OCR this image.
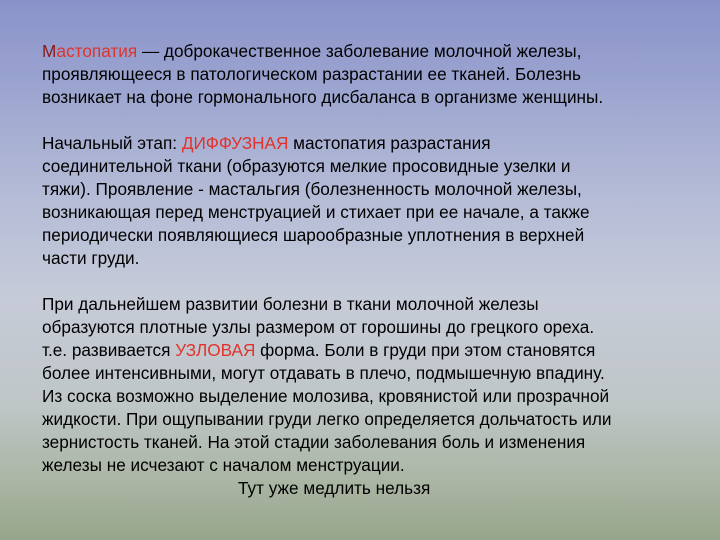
Мастопатия — доброкачественное заболевание молочной железы,
проявляющееся в патологическом разрастании ее тканей. Болезнь
возникает на фоне гормонального дисбаланса в организме женщины.

Начальный этап: ДИФФУЗНАЯ мастопатия разрастания
соединительной ткани (образуются мелкие просовидные узелки и
тяжи). Проявление - мастальгия (болезненность молочной железы,
возникающая перед менструацией и стихает при ее начале, а также
периодически появляющиеся шарообразные уплотнения в верхней
части груди.

При дальнейшем развитии болезни в ткани молочной железы
образуются плотные узлы размером от горошины до грецкого ореха.
т.е. развивается УЗЛОВАЯ форма. Боли в груди при этом становятся
более интенсивными, могут отдавать в плечо, подмышечную впадину.
Из соска возможно выделение молозива, кровянистой или прозрачной
жидкости. При ощупывании груди легко определяется дольчатость или
зернистость тканей. На этой стадии заболевания боль и изменения
железы не исчезают с началом менструации.
Тут уже медлить нельзя
